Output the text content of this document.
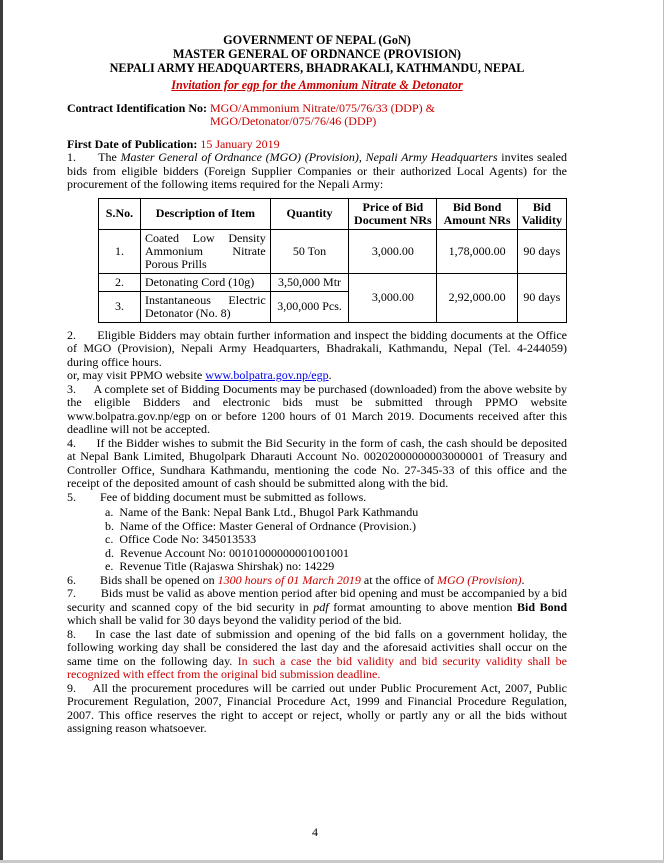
GOVERNMENT OF NEPAL (GoN)
MASTER GENERAL OF ORDNANCE (PROVISION)
NEPALI ARMY HEADQUARTERS, BHADRAKALI, KATHMANDU, NEPAL
Invitation for egp for the Ammonium Nitrate & Detonator
Contract Identification No: MGO/Ammonium Nitrate/075/76/33 (DDP) & MGO/Detonator/075/76/46 (DDP)
First Date of Publication: 15 January 2019

1. The Master General of Ordnance (MGO) (Provision), Nepali Army Headquarters invites sealed bids from eligible bidders (Foreign Supplier Companies or their authorized Local Agents) for the procurement of the following items required for the Nepali Army:

S.No.	Description of Item	Quantity	Price of Bid Document NRs	Bid Bond Amount NRs	Bid Validity
1.	Coated Low Density Ammonium Nitrate Porous Prills	50 Ton	3,000.00	1,78,000.00	90 days
2.	Detonating Cord (10g)	3,50,000 Mtr	3,000.00	2,92,000.00	90 days
3.	Instantaneous Electric Detonator (No. 8)	3,00,000 Pcs.			

2. Eligible Bidders may obtain further information and inspect the bidding documents at the Office of MGO (Provision), Nepali Army Headquarters, Bhadrakali, Kathmandu, Nepal (Tel. 4-244059) during office hours.

or, may visit PPMO website www.bolpatra.gov.np/egp.

3. A complete set of Bidding Documents may be purchased (downloaded) from the above website by the eligible Bidders and electronic bids must be submitted through PPMO website www.bolpatra.gov.np/egp on or before 1200 hours of 01 March 2019. Documents received after this deadline will not be accepted.

4. If the Bidder wishes to submit the Bid Security in the form of cash, the cash should be deposited at Nepal Bank Limited, Bhugolpark Dharauti Account No. 00202000000003000001 of Treasury and Controller Office, Sundhara Kathmandu, mentioning the code No. 27-345-33 of this office and the receipt of the deposited amount of cash should be submitted along with the bid.

5. Fee of bidding document must be submitted as follows.

a. Name of the Bank: Nepal Bank Ltd., Bhugol Park Kathmandu
b. Name of the Office: Master General of Ordnance (Provision.)
c. Office Code No: 345013533
d. Revenue Account No: 00101000000001001001
e. Revenue Title (Rajaswa Shirshak) no: 14229

6. Bids shall be opened on 1300 hours of 01 March 2019 at the office of MGO (Provision).

7. Bids must be valid as above mention period after bid opening and must be accompanied by a bid security and scanned copy of the bid security in pdf format amounting to above mention Bid Bond which shall be valid for 30 days beyond the validity period of the bid.

8. In case the last date of submission and opening of the bid falls on a government holiday, the following working day shall be considered the last day and the aforesaid activities shall occur on the same time on the following day. In such a case the bid validity and bid security validity shall be recognized with effect from the original bid submission deadline.

9. All the procurement procedures will be carried out under Public Procurement Act, 2007, Public Procurement Regulation, 2007, Financial Procedure Act, 1999 and Financial Procedure Regulation, 2007. This office reserves the right to accept or reject, wholly or partly any or all the bids without assigning reason whatsoever.

4
